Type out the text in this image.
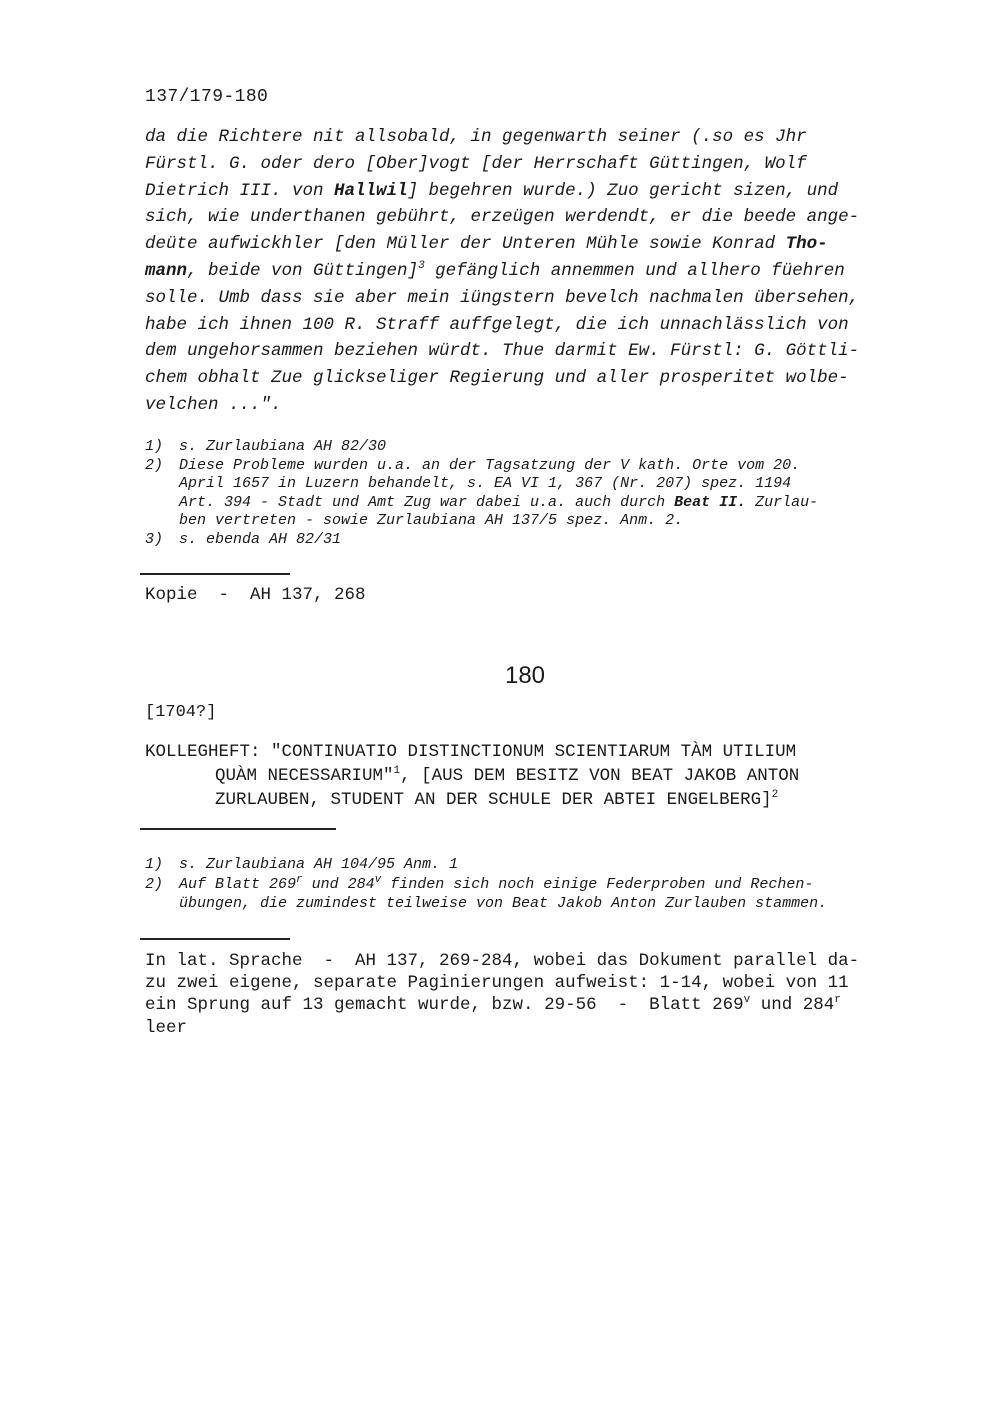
137/179-180
da die Richtere nit allsobald, in gegenwarth seiner (.so es Jhr
Fürstl. G. oder dero [Ober]vogt [der Herrschaft Güttingen, Wolf
Dietrich III. von Hallwil] begehren wurde.) Zuo gericht sizen, und
sich, wie underthanen gebührt, erzeügen werdendt, er die beede ange-
deüte aufwickhler [den Müller der Unteren Mühle sowie Konrad Tho-
mann, beide von Güttingen]$^3$ gefänglich annemmen und allhero füehren
solle. Umb dass sie aber mein iüngstern bevelch nachmalen übersehen,
habe ich ihnen 100 R. Straff auffgelegt, die ich unnachlässlich von
dem ungehorsammen beziehen würdt. Thue darmit Ew. Fürstl: G. Göttli-
chem obhalt Zue glickseliger Regierung und aller prosperitet wolbe-
velchen ...".
1)	s. Zurlaubiana AH 82/30
2)	Diese Probleme wurden u.a. an der Tagsatzung der V kath. Orte vom 20.
April 1657 in Luzern behandelt, s. EA VI 1, 367 (Nr. 207) spez. 1194
Art. 394 - Stadt und Amt Zug war dabei u.a. auch durch Beat II. Zurlau-
ben vertreten - sowie Zurlaubiana AH 137/5 spez. Anm. 2.
3)	s. ebenda AH 82/31
Kopie  -  AH 137, 268
180
[1704?]
KOLLEGHEFT: "CONTINUATIO DISTINCTIONUM SCIENTIARUM TÀM UTILIUM
QUÀM NECESSARIUM"$^1$, [AUS DEM BESITZ VON BEAT JAKOB ANTON
ZURLAUBEN, STUDENT AN DER SCHULE DER ABTEI ENGELBERG]$^2$
1)	s. Zurlaubiana AH 104/95 Anm. 1
2)	Auf Blatt 269$^r$ und 284$^v$ finden sich noch einige Federproben und Rechen-
übungen, die zumindest teilweise von Beat Jakob Anton Zurlauben stammen.
In lat. Sprache  -  AH 137, 269-284, wobei das Dokument parallel da-
zu zwei eigene, separate Paginierungen aufweist: 1-14, wobei von 11
ein Sprung auf 13 gemacht wurde, bzw. 29-56  -  Blatt 269$^v$ und 284$^r$
leer
